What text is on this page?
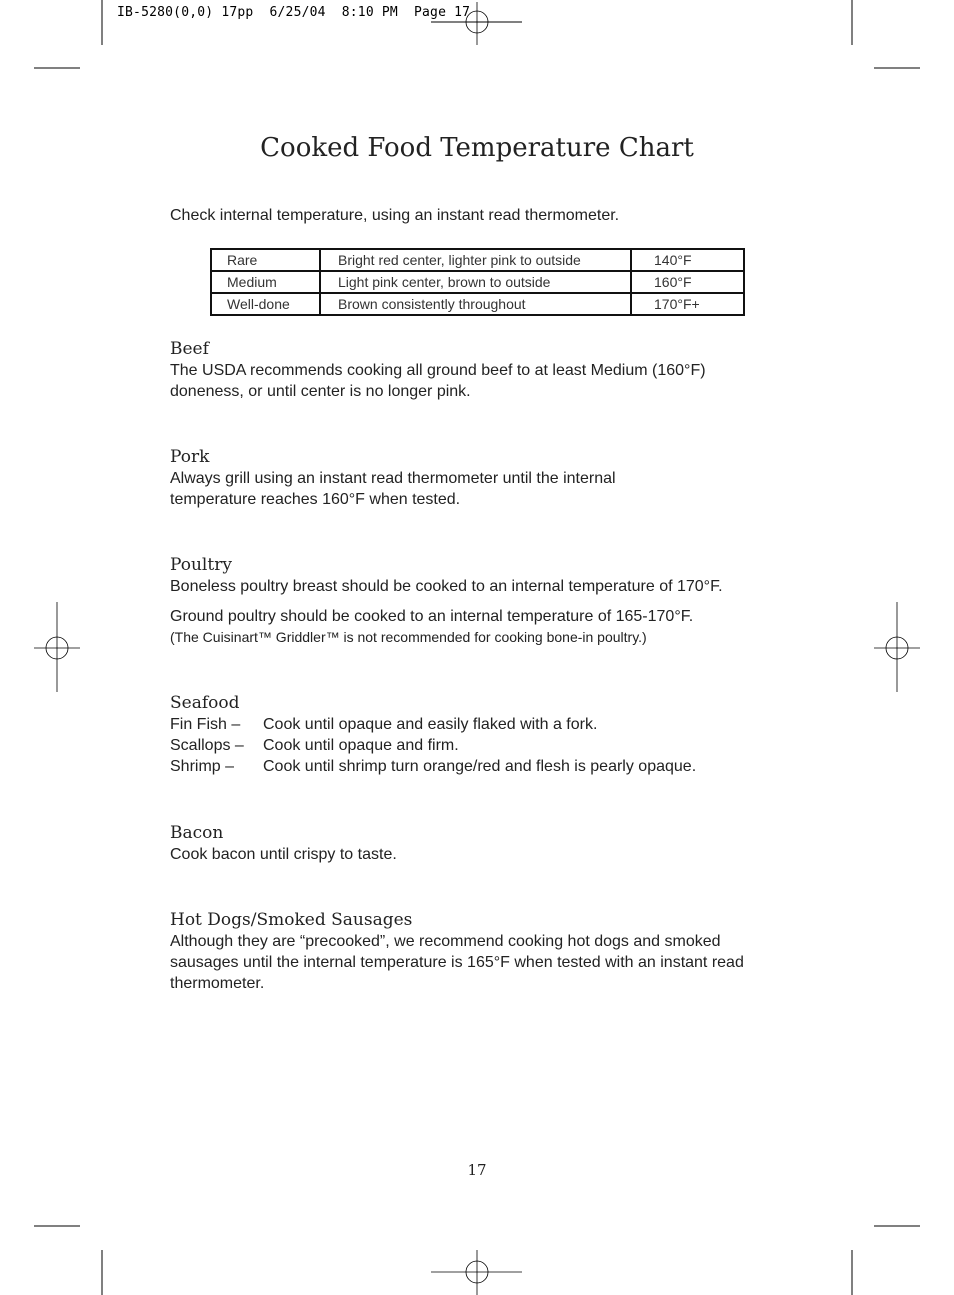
IB-5280(0,0) 17pp  6/25/04  8:10 PM  Page 17
Cooked Food Temperature Chart

Check internal temperature, using an instant read thermometer.

Rare	Bright red center, lighter pink to outside	140°F
Medium	Light pink center, brown to outside	160°F
Well-done	Brown consistently throughout	170°F+
Beef

The USDA recommends cooking all ground beef to at least Medium (160°F) doneness, or until center is no longer pink.

Pork

Always grill using an instant read thermometer until the internal temperature reaches 160°F when tested.

Poultry

Boneless poultry breast should be cooked to an internal temperature of 170°F.

Ground poultry should be cooked to an internal temperature of 165-170°F.

(The Cuisinart™ Griddler™ is not recommended for cooking bone-in poultry.)

Seafood
Fin Fish – Cook until opaque and easily flaked with a fork.
Scallops – Cook until opaque and firm.
Shrimp – Cook until shrimp turn orange/red and flesh is pearly opaque.
Bacon

Cook bacon until crispy to taste.

Hot Dogs/Smoked Sausages

Although they are “precooked”, we recommend cooking hot dogs and smoked sausages until the internal temperature is 165°F when tested with an instant read thermometer.

17
